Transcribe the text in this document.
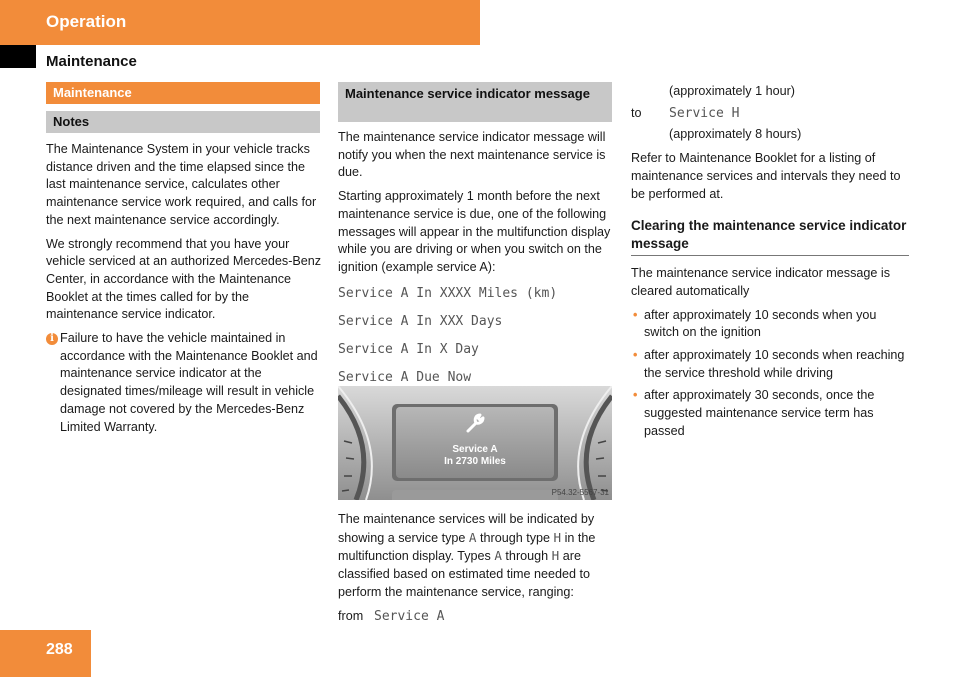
Operation
Maintenance
Maintenance
Notes

The Maintenance System in your vehicle tracks distance driven and the time elapsed since the last maintenance service, calculates other maintenance service work required, and calls for the next maintenance service accordingly.

We strongly recommend that you have your vehicle serviced at an authorized Mercedes-Benz Center, in accordance with the Maintenance Booklet at the times called for by the maintenance service indicator.

i Failure to have the vehicle maintained in accordance with the Maintenance Booklet and maintenance service indicator at the designated times/mileage will result in vehicle damage not covered by the Mercedes-Benz Limited Warranty.
Maintenance service indicator message

The maintenance service indicator message will notify you when the next maintenance service is due.

Starting approximately 1 month before the next maintenance service is due, one of the following messages will appear in the multifunction display while you are driving or when you switch on the ignition (example service A):

Service A In XXXX Miles (km)

Service A In XXX Days

Service A In X Day

Service A Due Now

Service A
In 2730 Miles
P54.32-5567-31

The maintenance services will be indicated by showing a service type A through type H in the multifunction display. Types A through H are classified based on estimated time needed to perform the maintenance service, ranging:

from Service A

(approximately 1 hour)

to Service H

(approximately 8 hours)

Refer to Maintenance Booklet for a listing of maintenance services and intervals they need to be performed at.

Clearing the maintenance service indicator message

The maintenance service indicator message is cleared automatically

• after approximately 10 seconds when you switch on the ignition
• after approximately 10 seconds when reaching the service threshold while driving
• after approximately 30 seconds, once the suggested maintenance service term has passed
288
